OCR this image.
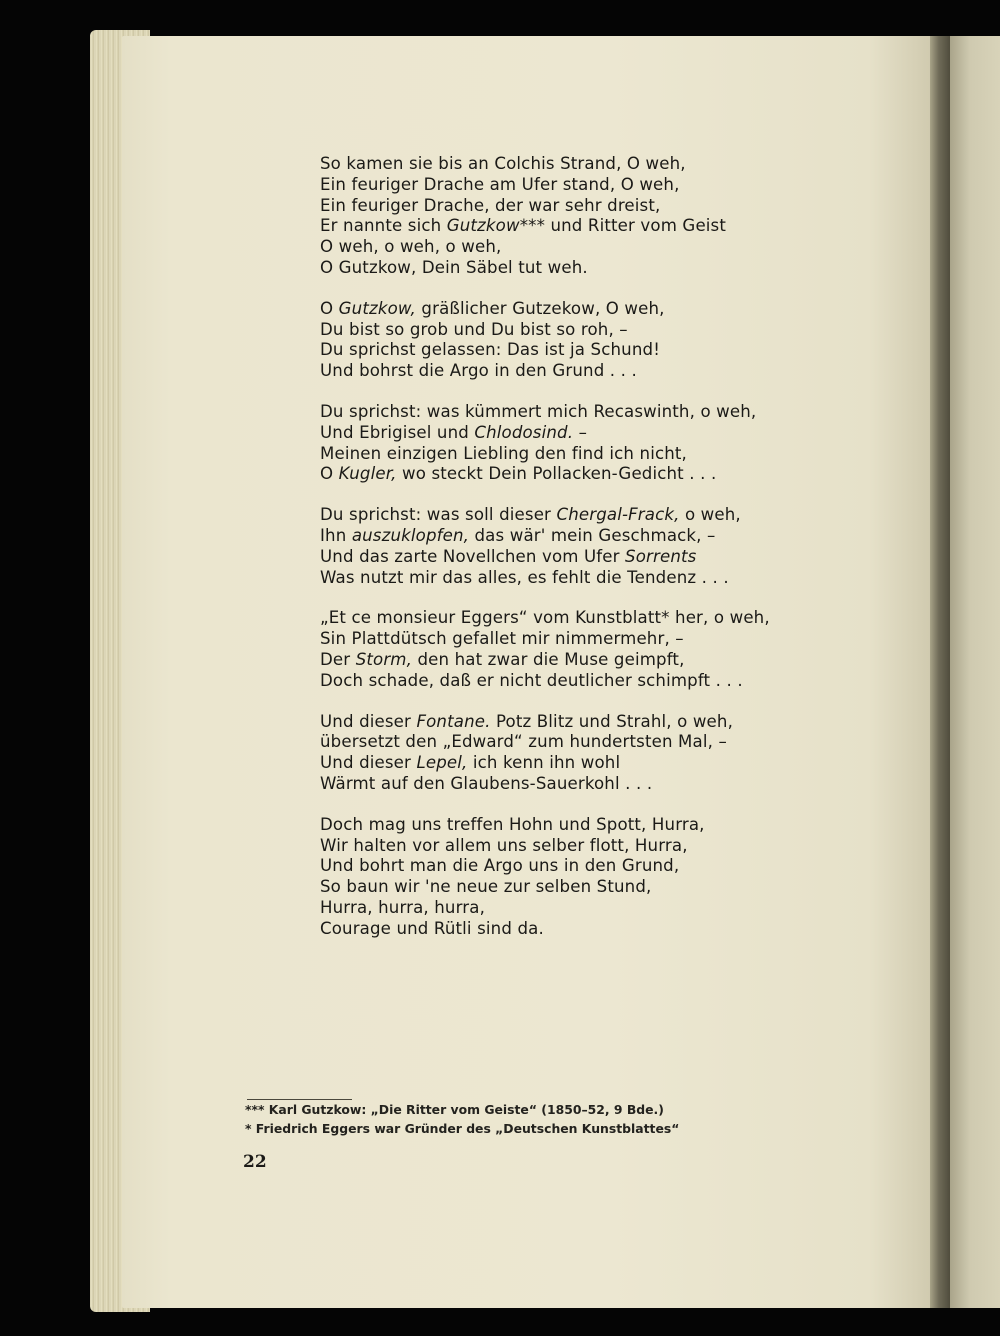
So kamen sie bis an Colchis Strand, O weh,
Ein feuriger Drache am Ufer stand, O weh,
Ein feuriger Drache, der war sehr dreist,
Er nannte sich Gutzkow*** und Ritter vom Geist
O weh, o weh, o weh,
O Gutzkow, Dein Säbel tut weh.
O Gutzkow, gräßlicher Gutzekow, O weh,
Du bist so grob und Du bist so roh, –
Du sprichst gelassen: Das ist ja Schund!
Und bohrst die Argo in den Grund . . .
Du sprichst: was kümmert mich Recaswinth, o weh,
Und Ebrigisel und Chlodosind. –
Meinen einzigen Liebling den find ich nicht,
O Kugler, wo steckt Dein Pollacken-Gedicht . . .
Du sprichst: was soll dieser Chergal-Frack, o weh,
Ihn auszuklopfen, das wär' mein Geschmack, –
Und das zarte Novellchen vom Ufer Sorrents
Was nutzt mir das alles, es fehlt die Tendenz . . .
„Et ce monsieur Eggers“ vom Kunstblatt* her, o weh,
Sin Plattdütsch gefallet mir nimmermehr, –
Der Storm, den hat zwar die Muse geimpft,
Doch schade, daß er nicht deutlicher schimpft . . .
Und dieser Fontane. Potz Blitz und Strahl, o weh,
übersetzt den „Edward“ zum hundertsten Mal, –
Und dieser Lepel, ich kenn ihn wohl
Wärmt auf den Glaubens-Sauerkohl . . .
Doch mag uns treffen Hohn und Spott, Hurra,
Wir halten vor allem uns selber flott, Hurra,
Und bohrt man die Argo uns in den Grund,
So baun wir 'ne neue zur selben Stund,
Hurra, hurra, hurra,
Courage und Rütli sind da.
*** Karl Gutzkow: „Die Ritter vom Geiste“ (1850–52, 9 Bde.)
* Friedrich Eggers war Gründer des „Deutschen Kunstblattes“
22
